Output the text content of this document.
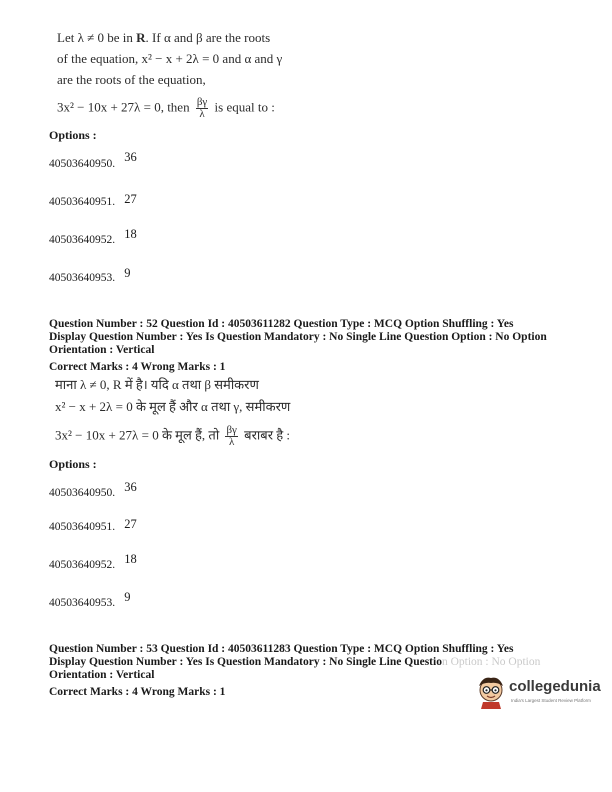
Let λ ≠ 0 be in R. If α and β are the roots
of the equation, x² − x + 2λ = 0 and α and γ
are the roots of the equation,
3x² − 10x + 27λ = 0, then $\frac{\beta\gamma}{\lambda}$ is equal to :
Options :
40503640950. $^{36}$
40503640951. 27
40503640952. $^{18}$
40503640953. $^9$
Question Number : 52 Question Id : 40503611282 Question Type : MCQ Option Shuffling : Yes
Display Question Number : Yes Is Question Mandatory : No Single Line Question Option : No Option
Orientation : Vertical
Correct Marks : 4 Wrong Marks : 1
माना λ ≠ 0, R में है। यदि α तथा β समीकरण
x² − x + 2λ = 0 के मूल हैं और α तथा γ, समीकरण
3x² − 10x + 27λ = 0 के मूल हैं, तो $\frac{\beta\gamma}{\lambda}$ बराबर है :
Options :
40503640950. $^{36}$
40503640951. 27
40503640952. $^{18}$
40503640953. $^9$
Question Number : 53 Question Id : 40503611283 Question Type : MCQ Option Shuffling : Yes
Display Question Number : Yes Is Question Mandatory : No Single Line Question Option : No Option
Orientation : Vertical
Correct Marks : 4 Wrong Marks : 1	collegedunia
India's Largest Student Review Platform
